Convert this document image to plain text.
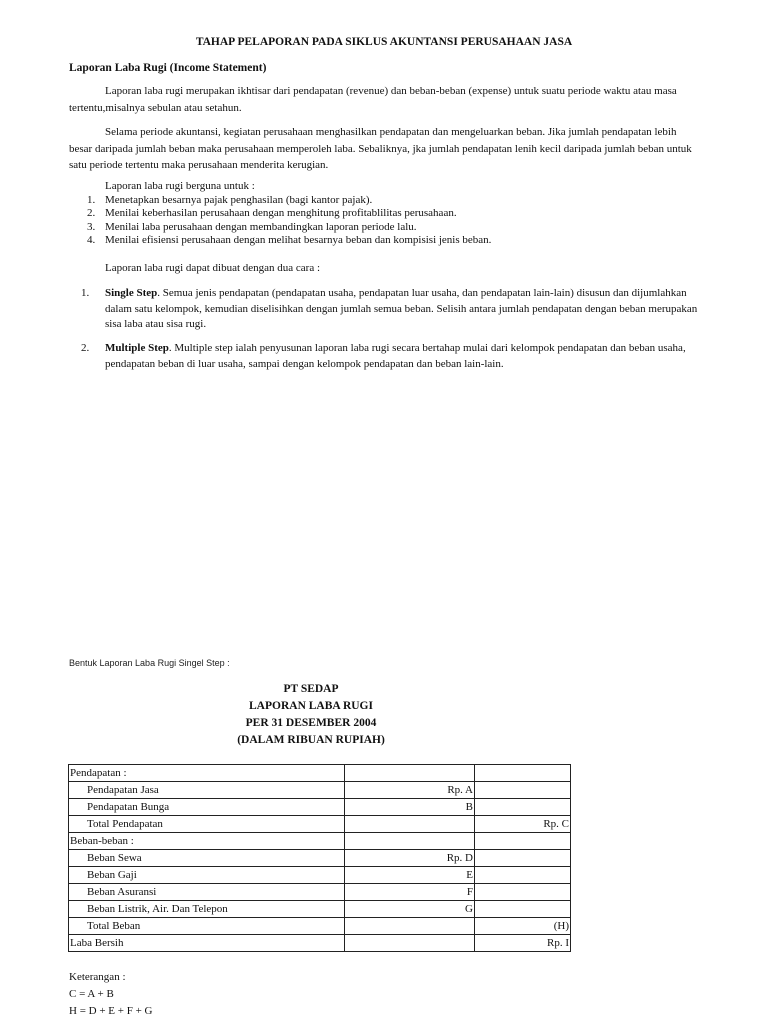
TAHAP PELAPORAN PADA SIKLUS AKUNTANSI PERUSAHAAN JASA
Laporan Laba Rugi (Income Statement)

Laporan laba rugi merupakan ikhtisar dari pendapatan (revenue) dan beban-beban (expense) untuk suatu periode waktu atau masa tertentu,misalnya sebulan atau setahun.

Selama periode akuntansi, kegiatan perusahaan menghasilkan pendapatan dan mengeluarkan beban. Jika jumlah pendapatan lebih besar daripada jumlah beban maka perusahaan memperoleh laba. Sebaliknya, jka jumlah pendapatan lenih kecil daripada jumlah beban untuk satu periode tertentu maka perusahaan menderita kerugian.

Laporan laba rugi berguna untuk :
1. Menetapkan besarnya pajak penghasilan (bagi kantor pajak).
2. Menilai keberhasilan perusahaan dengan menghitung profitablilitas perusahaan.
3. Menilai laba perusahaan dengan membandingkan laporan periode lalu.
4. Menilai efisiensi perusahaan dengan melihat besarnya beban dan kompisisi jenis beban.
Laporan laba rugi dapat dibuat dengan dua cara :
1. Single Step. Semua jenis pendapatan (pendapatan usaha, pendapatan luar usaha, dan pendapatan lain-lain) disusun dan dijumlahkan dalam satu kelompok, kemudian diselisihkan dengan jumlah semua beban. Selisih antara jumlah pendapatan dengan beban merupakan sisa laba atau sisa rugi.
2. Multiple Step. Multiple step ialah penyusunan laporan laba rugi secara bertahap mulai dari kelompok pendapatan dan beban usaha, pendapatan beban di luar usaha, sampai dengan kelompok pendapatan dan beban lain-lain.
Bentuk Laporan Laba Rugi Singel Step :
PT SEDAP
LAPORAN LABA RUGI
PER 31 DESEMBER 2004
(DALAM RIBUAN RUPIAH)
Pendapatan :		
Pendapatan Jasa	Rp. A	
Pendapatan Bunga	B	
Total Pendapatan		Rp. C
Beban-beban :		
Beban Sewa	Rp. D	
Beban Gaji	E	
Beban Asuransi	F	
Beban Listrik, Air. Dan Telepon	G	
Total Beban		(H)
Laba Bersih		Rp. I
Keterangan :
C = A + B
H = D + E + F + G
